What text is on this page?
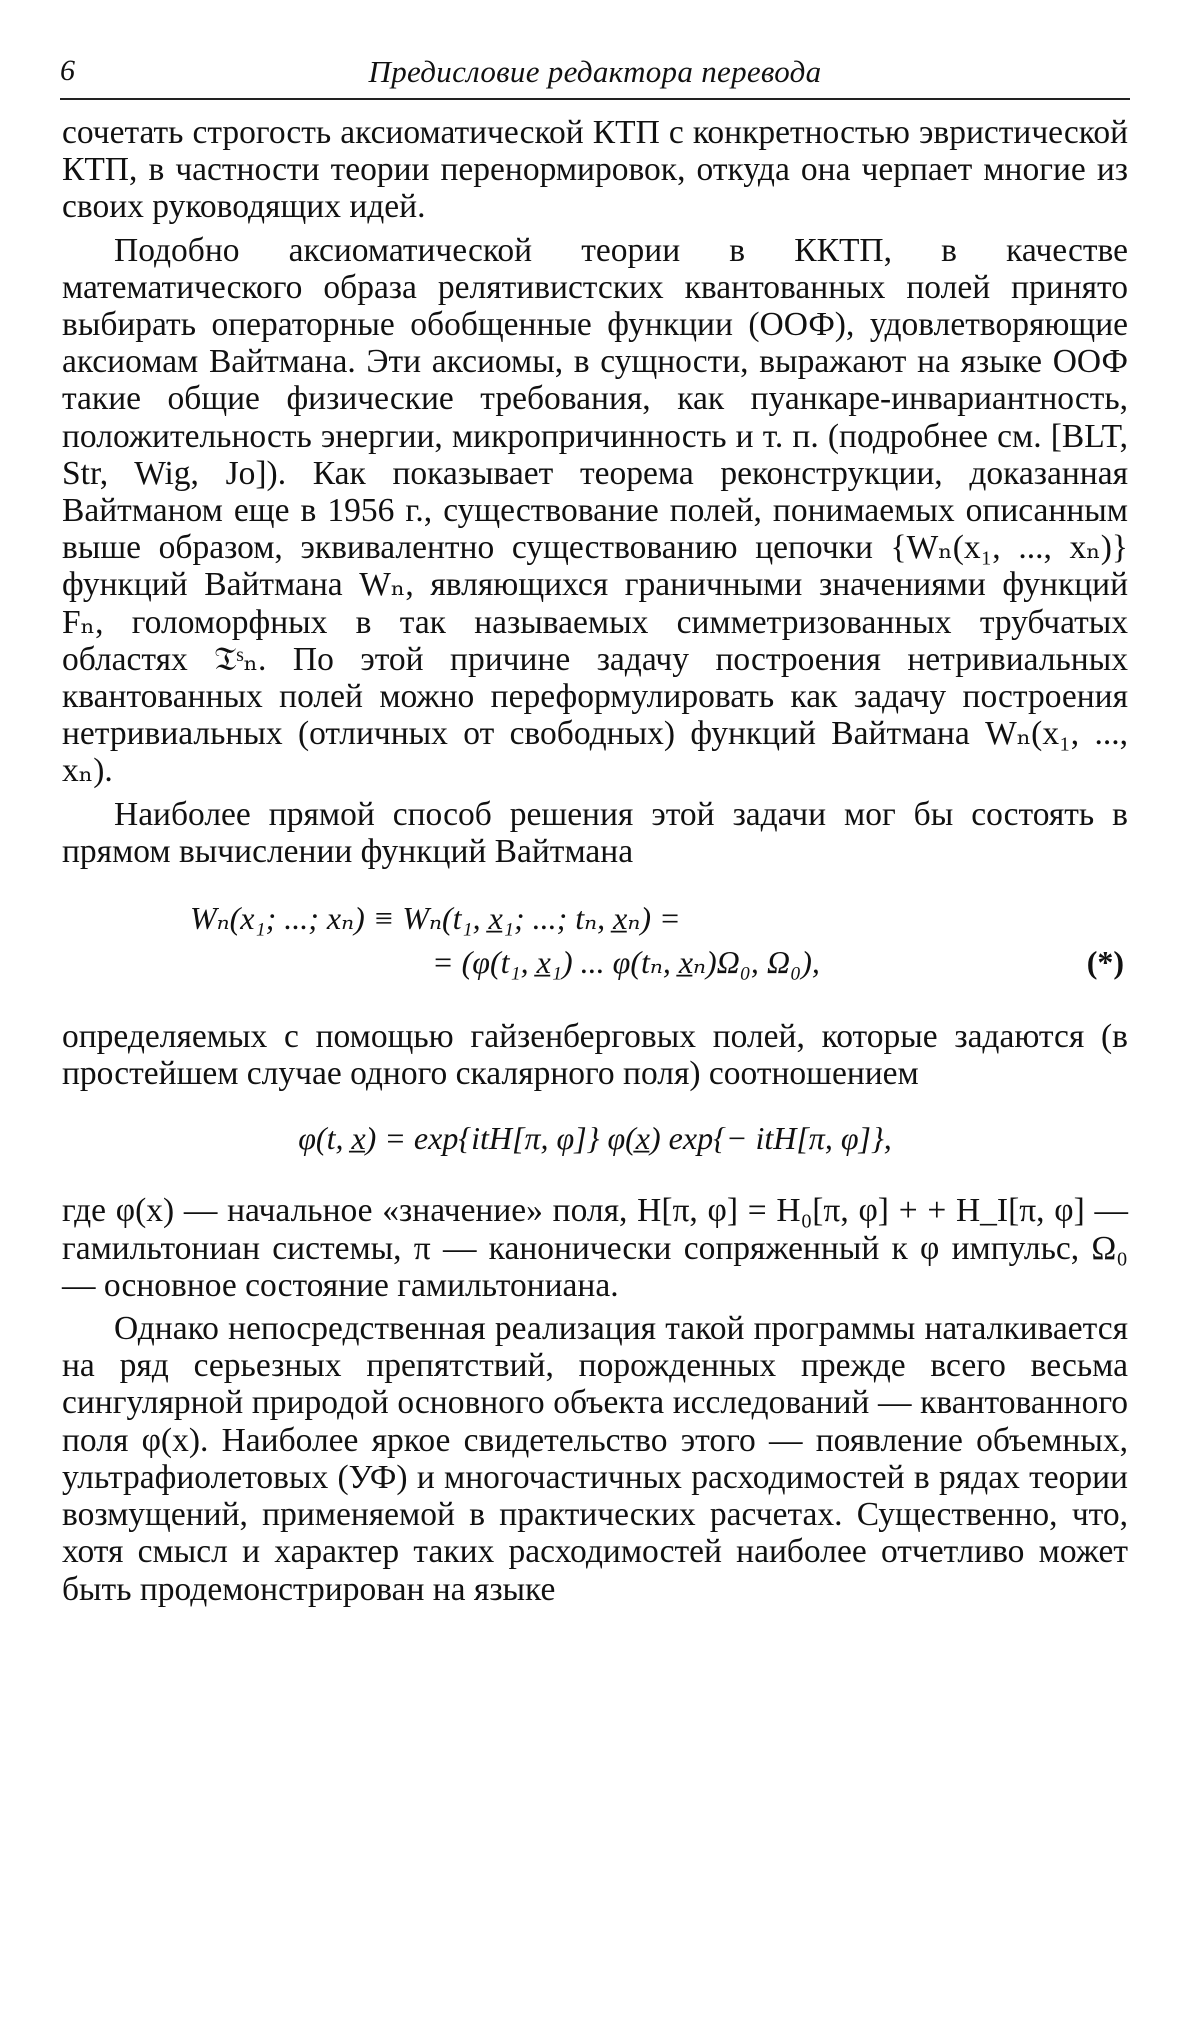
6	Предисловие редактора перевода

сочетать строгость аксиоматической КТП с конкретностью эвристической КТП, в частности теории перенормировок, откуда она черпает многие из своих руководящих идей.

Подобно аксиоматической теории в ККТП, в качестве математического образа релятивистских квантованных полей принято выбирать операторные обобщенные функции (ООФ), удовлетворяющие аксиомам Вайтмана. Эти аксиомы, в сущности, выражают на языке ООФ такие общие физические требования, как пуанкаре-инвариантность, положительность энергии, микропричинность и т. п. (подробнее см. [BLT, Str, Wig, Jo]). Как показывает теорема реконструкции, доказанная Вайтманом еще в 1956 г., существование полей, понимаемых описанным выше образом, эквивалентно существованию цепочки {Wₙ(x₁, ..., xₙ)} функций Вайтмана Wₙ, являющихся граничными значениями функций Fₙ, голоморфных в так называемых симметризованных трубчатых областях 𝔗ˢₙ. По этой причине задачу построения нетривиальных квантованных полей можно переформулировать как задачу построения нетривиальных (отличных от свободных) функций Вайтмана Wₙ(x₁, ..., xₙ).

Наиболее прямой способ решения этой задачи мог бы состоять в прямом вычислении функций Вайтмана

Wₙ(x₁; ...; xₙ) ≡ Wₙ(t₁, x̲₁; ...; tₙ, x̲ₙ) =
= (φ(t₁, x̲₁) ... φ(tₙ, x̲ₙ)Ω₀, Ω₀),	(*)

определяемых с помощью гайзенберговых полей, которые задаются (в простейшем случае одного скалярного поля) соотношением

φ(t, x̲) = exp{itH[π, φ]} φ(x̲) exp{− itH[π, φ]},

где φ(x) — начальное «значение» поля, H[π, φ] = H₀[π, φ] + + H_I[π, φ] — гамильтониан системы, π — канонически сопряженный к φ импульс, Ω₀ — основное состояние гамильтониана.

Однако непосредственная реализация такой программы наталкивается на ряд серьезных препятствий, порожденных прежде всего весьма сингулярной природой основного объекта исследований — квантованного поля φ(x). Наиболее яркое свидетельство этого — появление объемных, ультрафиолетовых (УФ) и многочастичных расходимостей в рядах теории возмущений, применяемой в практических расчетах. Существенно, что, хотя смысл и характер таких расходимостей наиболее отчетливо может быть продемонстрирован на языке
